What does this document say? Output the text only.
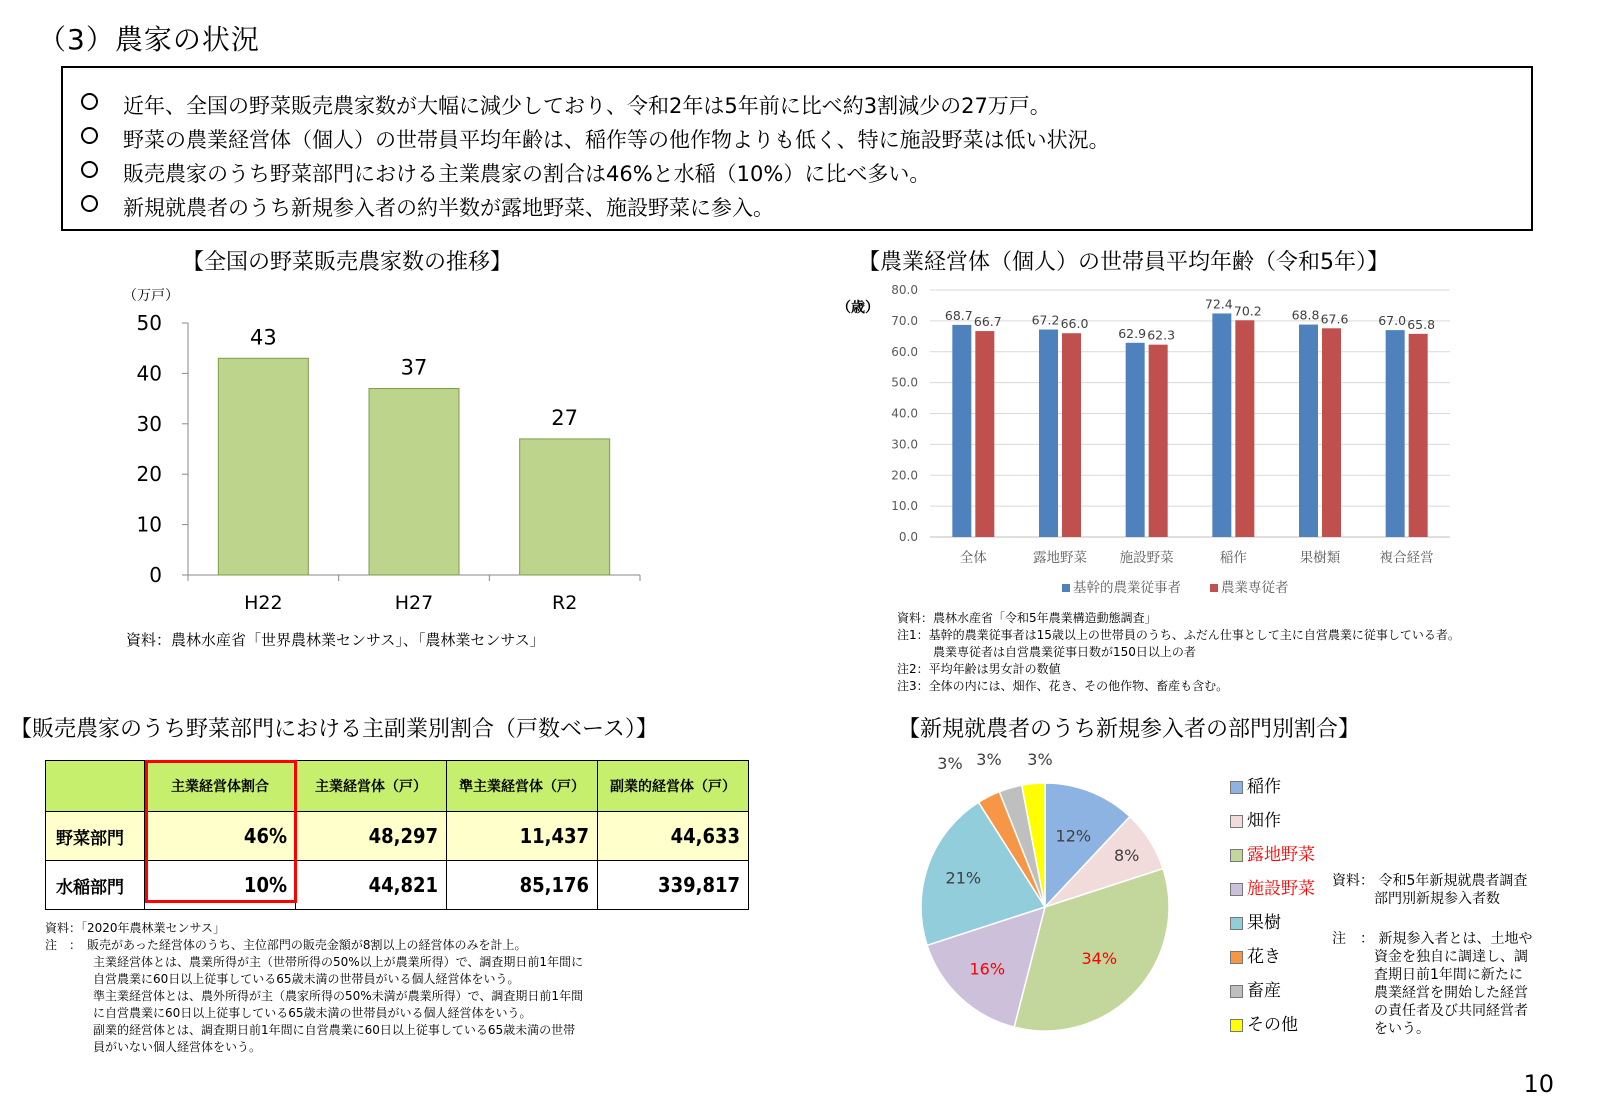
（3）農家の状況
近年、全国の野菜販売農家数が大幅に減少しており、令和2年は5年前に比べ約3割減少の27万戸。
野菜の農業経営体（個人）の世帯員平均年齢は、稲作等の他作物よりも低く、特に施設野菜は低い状況。
販売農家のうち野菜部門における主業農家の割合は46%と水稲（10%）に比べ多い。
新規就農者のうち新規参入者の約半数が露地野菜、施設野菜に参入。
【全国の野菜販売農家数の推移】
（万戸）
0
10
20
30
40
50
43
H22
37
H27
27
R2
資料：農林水産省「世界農林業センサス」、「農林業センサス」
【農業経営体（個人）の世帯員平均年齢（令和5年）】
（歳）
0.0
10.0
20.0
30.0
40.0
50.0
60.0
70.0
80.0
68.7 66.7
全体
67.2 66.0
露地野菜
62.9 62.3
施設野菜
72.4 70.2
稲作
68.8 67.6
果樹類
67.0 65.8
複合経営
基幹的農業従事者	農業専従者
資料：農林水産省「令和5年農業構造動態調査」
注1：基幹的農業従事者は15歳以上の世帯員のうち、ふだん仕事として主に自営農業に従事している者。
　　　農業専従者は自営農業従事日数が150日以上の者
注2：平均年齢は男女計の数値
注3：全体の内には、畑作、花き、その他作物、畜産も含む。
【販売農家のうち野菜部門における主副業別割合（戸数ベース）】
	主業経営体割合	主業経営体（戸）	準主業経営体（戸）	副業的経営体（戸）
野菜部門	46%	48,297	11,437	44,633
水稲部門	10%	44,821	85,176	339,817
資料：「2020年農林業センサス」
注　：　販売があった経営体のうち、主位部門の販売金額が8割以上の経営体のみを計上。
主業経営体とは、農業所得が主（世帯所得の50%以上が農業所得）で、調査期日前1年間に
自営農業に60日以上従事している65歳未満の世帯員がいる個人経営体をいう。
準主業経営体とは、農外所得が主（農家所得の50%未満が農業所得）で、調査期日前1年間
に自営農業に60日以上従事している65歳未満の世帯員がいる個人経営体をいう。
副業的経営体とは、調査期日前1年間に自営農業に60日以上従事している65歳未満の世帯
員がいない個人経営体をいう。
【新規就農者のうち新規参入者の部門別割合】
12%
8%
34%
16%
21%
3% 3% 3%
稲作
畑作
露地野菜
施設野菜
果樹
花き
畜産
その他
資料： 令和5年新規就農者調査
部門別新規参入者数
注　： 新規参入者とは、土地や
資金を独自に調達し、調
査期日前1年間に新たに
農業経営を開始した経営
の責任者及び共同経営者
をいう。
10
